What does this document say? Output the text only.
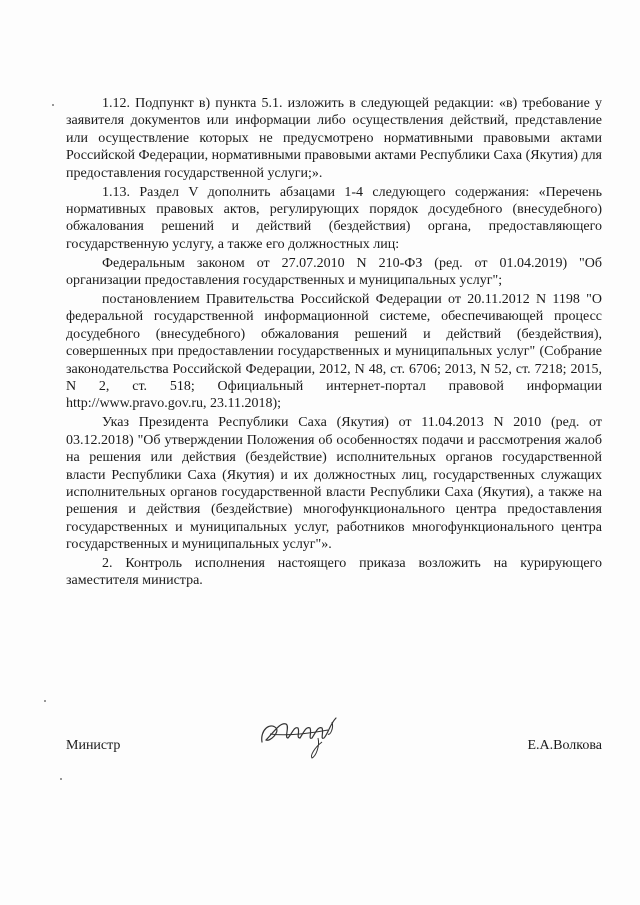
1.12. Подпункт в) пункта 5.1. изложить в следующей редакции: «в) требование у заявителя документов или информации либо осуществления действий, представление или осуществление которых не предусмотрено нормативными правовыми актами Российской Федерации, нормативными правовыми актами Республики Саха (Якутия) для предоставления государственной услуги;».

1.13. Раздел V дополнить абзацами 1-4 следующего содержания: «Перечень нормативных правовых актов, регулирующих порядок досудебного (внесудебного) обжалования решений и действий (бездействия) органа, предоставляющего государственную услугу, а также его должностных лиц:

Федеральным законом от 27.07.2010 N 210-ФЗ (ред. от 01.04.2019) "Об организации предоставления государственных и муниципальных услуг";

постановлением Правительства Российской Федерации от 20.11.2012 N 1198 "О федеральной государственной информационной системе, обеспечивающей процесс досудебного (внесудебного) обжалования решений и действий (бездействия), совершенных при предоставлении государственных и муниципальных услуг" (Собрание законодательства Российской Федерации, 2012, N 48, ст. 6706; 2013, N 52, ст. 7218; 2015, N 2, ст. 518; Официальный интернет-портал правовой информации http://www.pravo.gov.ru, 23.11.2018);

Указ Президента Республики Саха (Якутия) от 11.04.2013 N 2010 (ред. от 03.12.2018) "Об утверждении Положения об особенностях подачи и рассмотрения жалоб на решения или действия (бездействие) исполнительных органов государственной власти Республики Саха (Якутия) и их должностных лиц, государственных служащих исполнительных органов государственной власти Республики Саха (Якутия), а также на решения и действия (бездействие) многофункционального центра предоставления государственных и муниципальных услуг, работников многофункционального центра государственных и муниципальных услуг"».

2. Контроль исполнения настоящего приказа возложить на курирующего заместителя министра.

Министр	Е.А.Волкова
